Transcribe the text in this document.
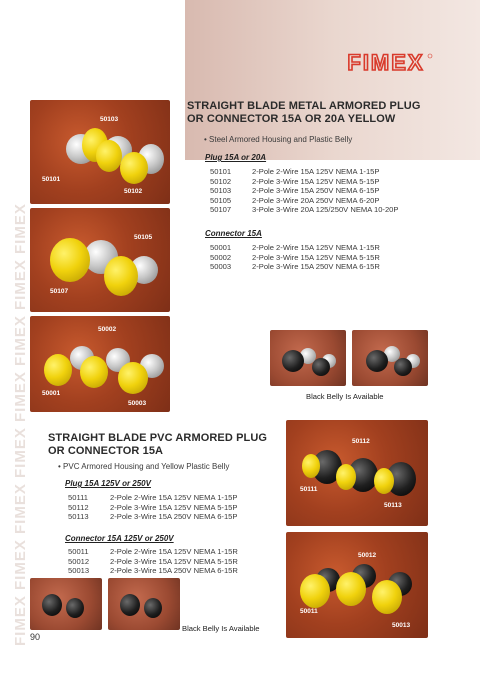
FIMEX FIMEX FIMEX FIMEX FIMEX FIMEX FIMEX FIMEX
FIMEX
50103
50101
50102
50105
50107
50002
50001
50003
STRAIGHT BLADE METAL ARMORED PLUG
OR CONNECTOR 15A OR 20A YELLOW
• Steel Armored Housing and Plastic Belly
Plug 15A or 20A
50101	2-Pole 2-Wire 15A 125V NEMA 1-15P
50102	2-Pole 3-Wire 15A 125V NEMA 5-15P
50103	2-Pole 3-Wire 15A 250V NEMA 6-15P
50105	2-Pole 3-Wire 20A 250V NEMA 6-20P
50107	3-Pole 3-Wire 20A 125/250V NEMA 10-20P
Connector 15A
50001	2-Pole 2-Wire 15A 125V NEMA 1-15R
50002	2-Pole 3-Wire 15A 125V NEMA 5-15R
50003	2-Pole 3-Wire 15A 250V NEMA 6-15R
Black Belly Is Available
STRAIGHT BLADE PVC ARMORED PLUG
OR CONNECTOR 15A
• PVC Armored Housing and Yellow Plastic Belly
Plug 15A 125V or 250V
50111	2-Pole 2-Wire 15A 125V NEMA 1-15P
50112	2-Pole 3-Wire 15A 125V NEMA 5-15P
50113	2-Pole 3-Wire 15A 250V NEMA 6-15P
Connector 15A 125V or 250V
50011	2-Pole 2-Wire 15A 125V NEMA 1-15R
50012	2-Pole 3-Wire 15A 125V NEMA 5-15R
50013	2-Pole 3-Wire 15A 250V NEMA 6-15R
50112
50111
50113
50012
50011
50013
Black Belly Is Available
90
